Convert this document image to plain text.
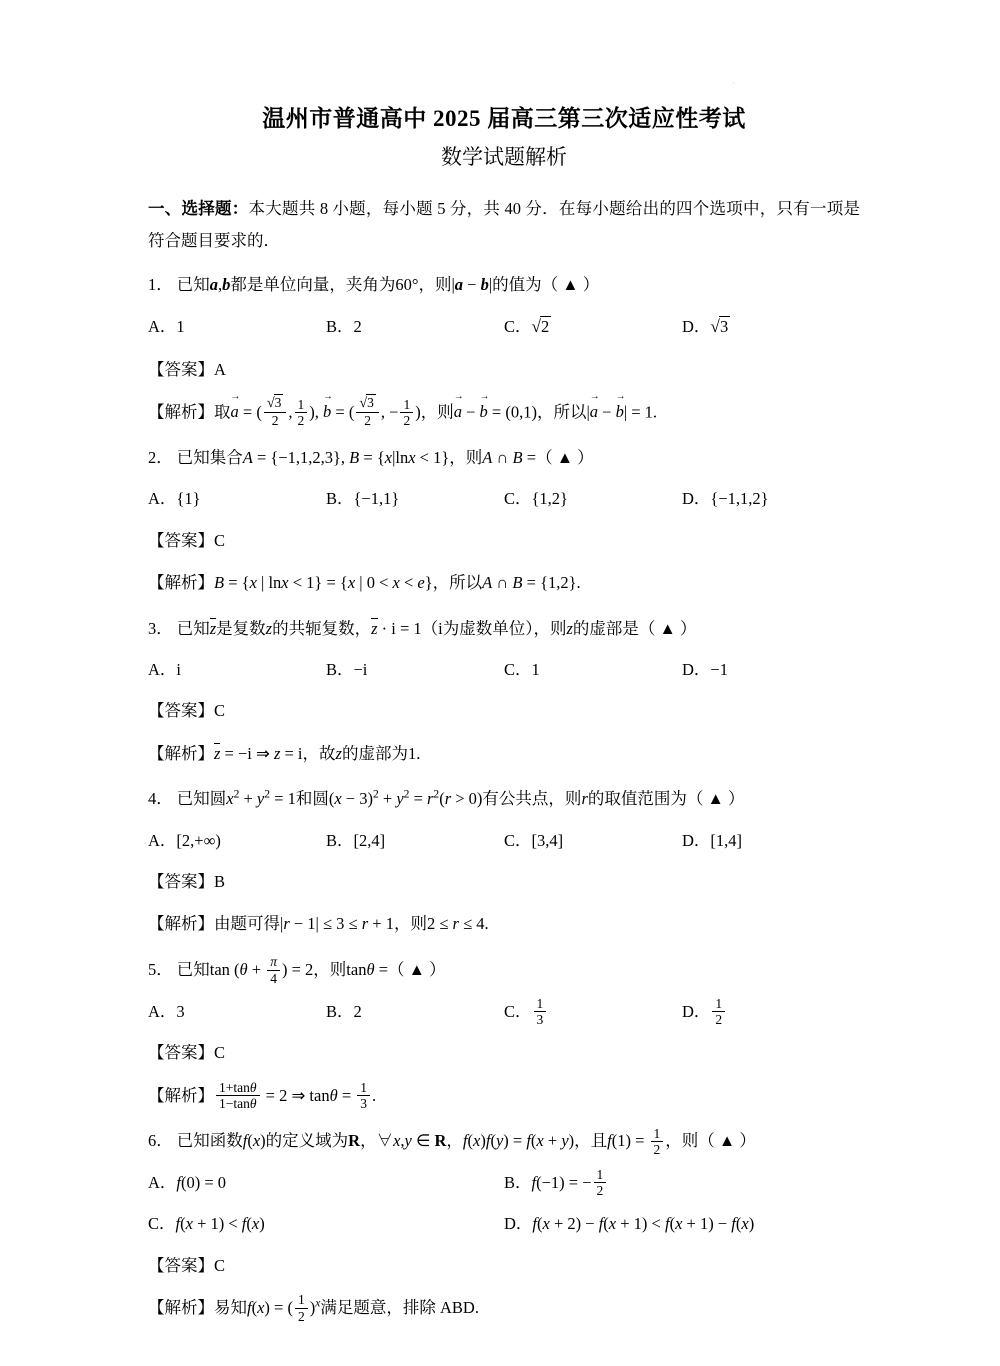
·
温州市普通高中 2025 届高三第三次适应性考试
数学试题解析
一、选择题：本大题共 8 小题，每小题 5 分，共 40 分．在每小题给出的四个选项中，只有一项是符合题目要求的．
1． 已知a,b都是单位向量，夹角为60°，则|a − b|的值为（ ▲ ）
A．1	B．2	C．√2	D．√3
【答案】A
【解析】取a → = ( $\frac{√3}{2}$ , $\frac{1}{2}$ ), b → = ( $\frac{√3}{2}$ , − $\frac{1}{2}$ )，则a → − b → = (0,1)，所以|a → − b →| = 1.
2． 已知集合A = {−1,1,2,3}, B = {x|lnx < 1}，则A ∩ B =（ ▲ ）
A．{1}	B．{−1,1}	C．{1,2}	D．{−1,1,2}
【答案】C
【解析】B = {x | lnx < 1} = {x | 0 < x < e}，所以A ∩ B = {1,2}.
3． 已知z是复数z的共轭复数，z · i = 1（i为虚数单位），则z的虚部是（ ▲ ）
A．i	B．−i	C．1	D．−1
【答案】C
【解析】z = −i ⇒ z = i，故z的虚部为1.
4． 已知圆$x^2 + y^2 = 1$和圆$(x - 3)^2 + y^2 = r^2(r > 0)$有公共点，则r的取值范围为（ ▲ ）
A．[2,+∞)	B．[2,4]	C．[3,4]	D．[1,4]
【答案】B
【解析】由题可得|r − 1| ≤ 3 ≤ r + 1，则2 ≤ r ≤ 4.
5． 已知$\tan (\theta + \frac{\pi}{4}$ ) = 2，则tanθ =（ ▲ ）
A．3	B．2	C． $\frac{1}{3}$	D． $\frac{1}{2}$
【答案】C
【解析】 $\frac{1+\tan\theta}{1-\tan\theta} = 2$ ⇒ $\tan\theta = \frac{1}{3}$ .
6． 已知函数f(x)的定义域为R，∀x,y ∈ R，f(x)f(y) = f(x + y)，且$f(1) = \frac{1}{2}$ ，则（ ▲ ）
A．f(0) = 0	B．f(−1) = − $\frac{1}{2}$
C．f(x + 1) < f(x)	D．f(x + 2) − f(x + 1) < f(x + 1) − f(x)
【答案】C
【解析】易知f(x) = ( $\frac{1}{2} )^x$满足题意，排除 ABD.
